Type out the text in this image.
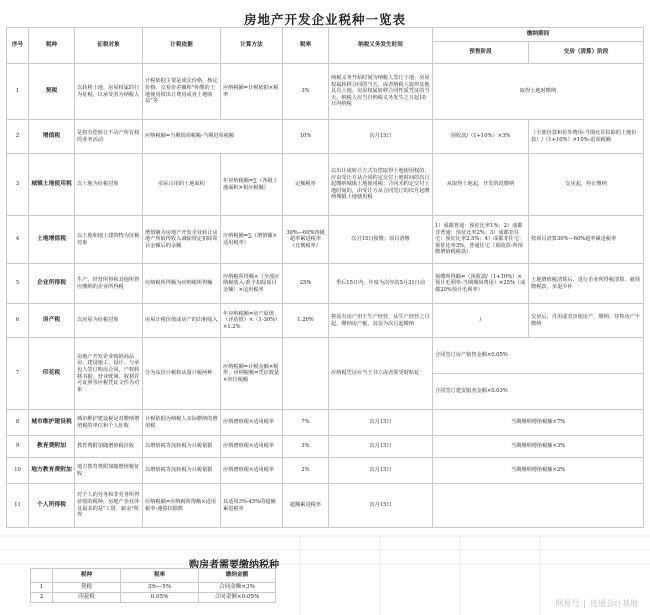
房地产开发企业税种一览表
序号	税种	征税对象	计税依据	计算方法	税率	纳税义务发生时间	缴纳期间	
							预售阶段	交房（清算）阶段
1	契税	以转移土地、房屋权属的行为征税，以承受者为纳税人	计税依据主要是成交价格，核定价格、交易价差额和"补缴的土地使用权出让费用或者土地收益"等	应纳税额=计税依据×税率	3%	纳税义务开始时间为纳税人签订土地、房屋权属转移合同的当天，或者纳税人取得其他具有土地、房屋权属转移合同性质凭证的当天。纳税人应当自纳税义务发生之日起10日内纳税	取得土地时缴纳	
2	增值税	是指有偿转让不动产所有权的业务活动	应纳税额=当期销项税额-当期进项税额		10%	次月15日	预收款/（1+10%）×3%	（全部价款和价外费用-当期允许扣除的土地价款）/（1+10%）×10%-进项税额
3	城镇土地使用税	以土地为征税对象	实际占用的土地面积	年应纳税额=∑（各级土地面积×相应税额）	定额税率	以出让或转让方式有偿取得土地使用权的，应由受让方从合同约定交付土地时间的次月起缴纳城镇土地使用税；合同未约定交付土地时间的，由受让方从合同签订的次月起缴纳城镇土地使用税	从取得土地起，开发阶段缴纳	交房起，停止缴纳
4	土地增值税	以土地和地上建筑物为征税对象	增值额为房地产开发企业转让房地产所取得收入减除规定扣除项目金额后的余额	应纳税额=∑（增值额×适用税率）	30%—60%四级超率累进税率（比例税率）	次月15日预缴；项目清缴	1）成都普通：预征比率1%；2）成都非普通：预征比率2%；3）成都非住宅：预征比率2.5%；4）成都非住宅：预征比率3%。普通住宅（预收款-所预缴增值税税款）	按项目清算30%—60%超率累进税率
5	企业所得税	生产、经营所得和其他所得应缴纳的企业所得税	应纳税所得额为应纳税所得额	应纳税所得额×（全部应纳税收入-准予扣除项目金额）×适用税率	25%	季后15日内，年度为次年的5月31日前	预缴所得额=（预收款/（1+10%）×预计毛利率-当期期间费用）×25%（成都20%预计毛利率）	土地增值税清算后，进行企业所得税清算，就预缴税款，多退少补
6	房产税	以房屋为征税对象	房屋计税价值或房产的出租收入	年应纳税额=房产原值（评估值）×（1-30%）×1.2%	1.20%	将原有房产用于生产经营，从生产经营之月起，缴纳房产税，其余为次月起缴纳	/	交房后，自用或者出租房产，缴纳；待售房产不缴纳
7	印花税	房地产开发企业购销商品房、建设施工、设计、与承包人签订购房合同，产权转移书据、营业账簿、权利许可证照等应税凭证文件为对象	分为从价计税和从量计税两种	应纳税额=计税金额×税率，应纳税额=凭证数量×单位税额		应纳税凭证应当于书立或者领受时贴花	合同签订房产销售金额×0.05%	
							合同签订建安服务金额×0.03%	
8	城市维护建设税	城市维护建设税是对缴纳增值税的单位和个人征收	计税依据为纳税人实际缴纳的增值税	应纳增值税×适用税率	7%	次月15日	当期缴纳增值税额×7%	
9	教育费附加	教育费附加随增值税征收	以增值税等流转税为计税依据	应纳增值税×适用税率	3%	次月15日	当期缴纳增值税额×3%	
10	地方教育费附加	地方教育费附加随增值税征收	以增值税等流转税为计税依据	应纳增值税×适用税率	2%	次月15日	当期缴纳增值税额×2%	
11	个人所得税	对个人的劳务和非劳务所得征收的税种，房地产企业涉及最多的是"工资、薪金"所得	应纳税额=应纳税所得额×适用税率-速算扣除数	其适用3%-45%的超额累进税率	超额累进税率	次月15日		
购房者需要缴纳税种
	税种	税率	缴纳金额
1	契税	3%—5%	合同金额×3%
2	印花税	0.05%	合同金额×0.05%
网易号 | 连通会计基地
